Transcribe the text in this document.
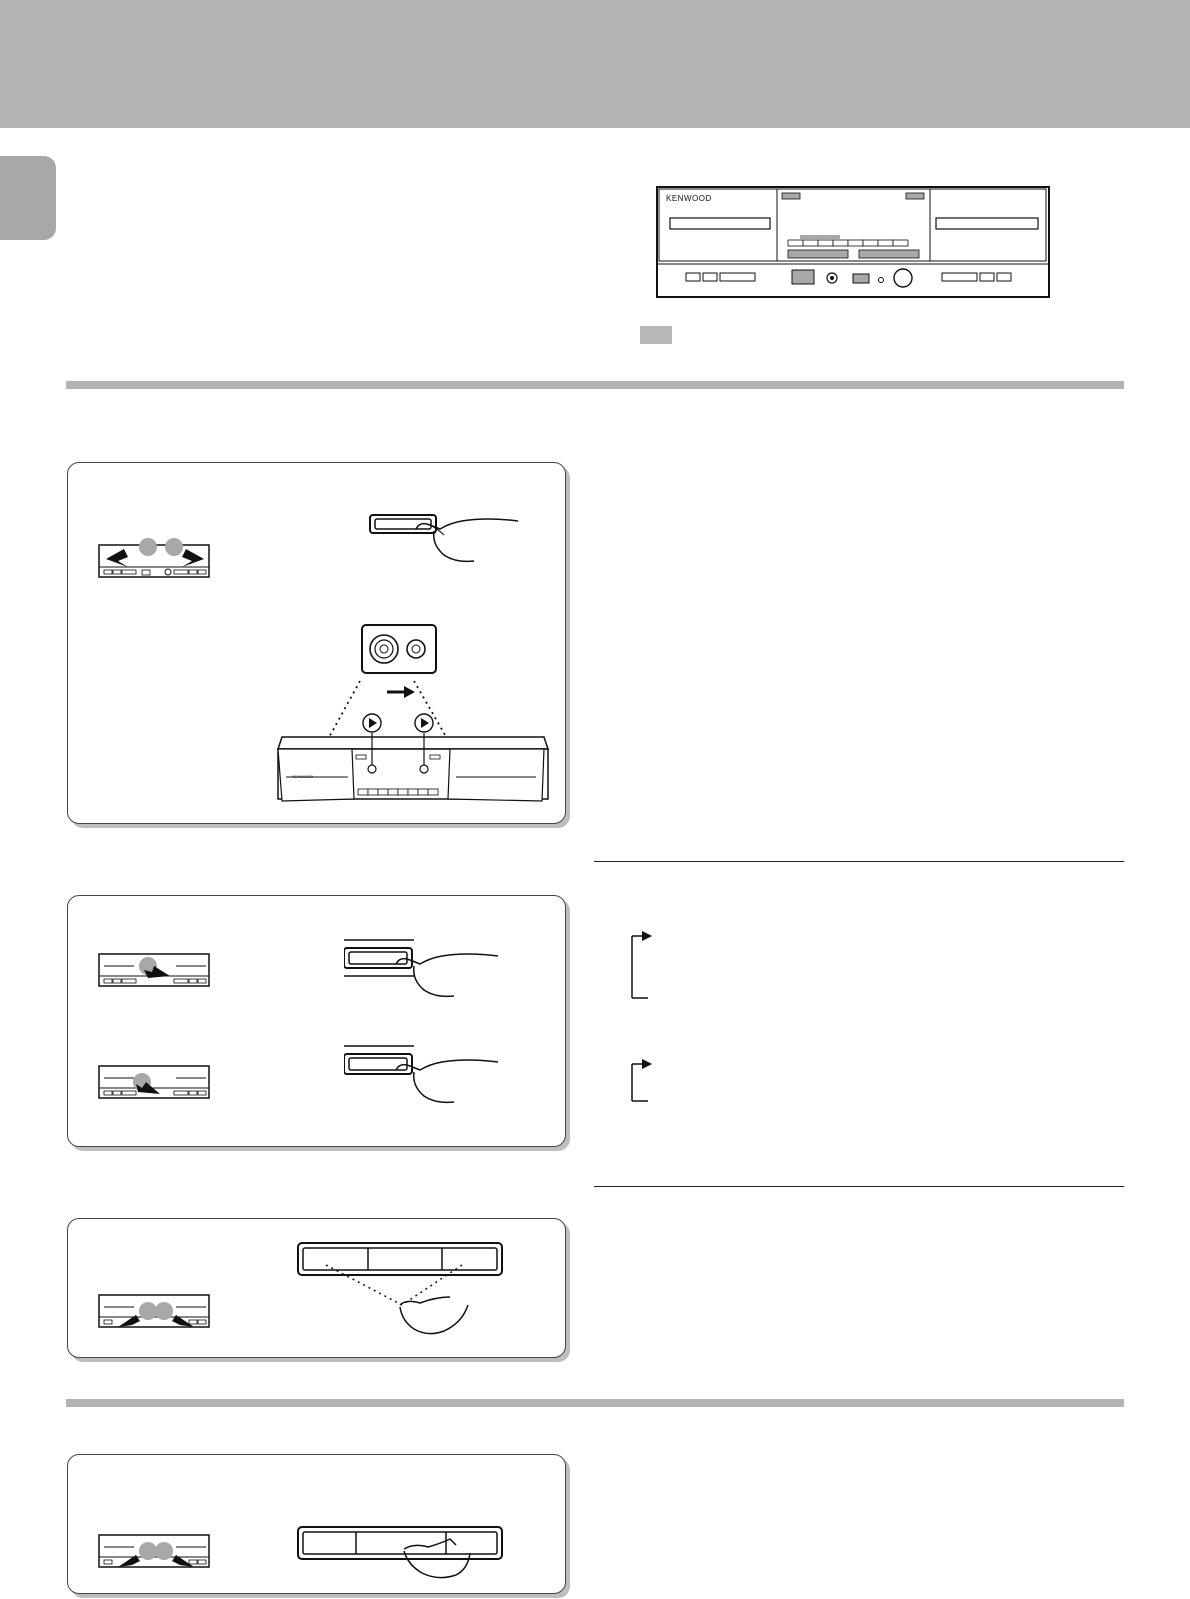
KENWOOD
KENWOOD
